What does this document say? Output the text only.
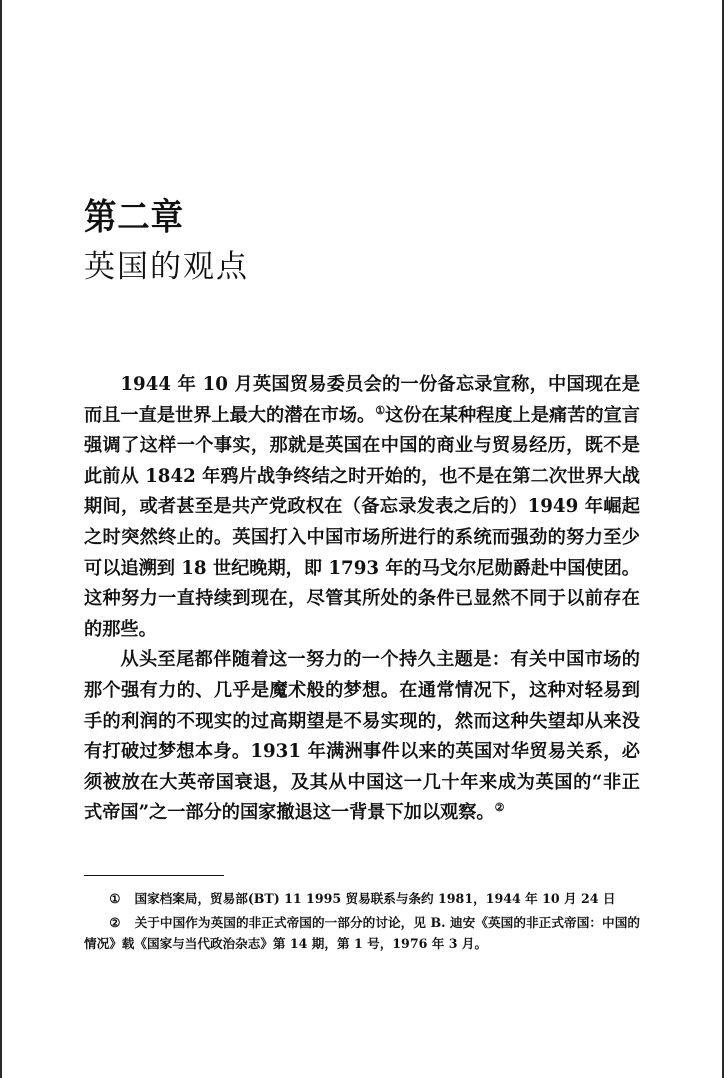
第二章
英国的观点

1944 年 10 月英国贸易委员会的一份备忘录宣称，中国现在是而且一直是世界上最大的潜在市场。①这份在某种程度上是痛苦的宣言强调了这样一个事实，那就是英国在中国的商业与贸易经历，既不是此前从 1842 年鸦片战争终结之时开始的，也不是在第二次世界大战期间，或者甚至是共产党政权在（备忘录发表之后的）1949 年崛起之时突然终止的。英国打入中国市场所进行的系统而强劲的努力至少可以追溯到 18 世纪晚期，即 1793 年的马戈尔尼勋爵赴中国使团。这种努力一直持续到现在，尽管其所处的条件已显然不同于以前存在的那些。

从头至尾都伴随着这一努力的一个持久主题是：有关中国市场的那个强有力的、几乎是魔术般的梦想。在通常情况下，这种对轻易到手的利润的不现实的过高期望是不易实现的，然而这种失望却从来没有打破过梦想本身。1931 年满洲事件以来的英国对华贸易关系，必须被放在大英帝国衰退，及其从中国这一几十年来成为英国的“非正式帝国”之一部分的国家撤退这一背景下加以观察。②

① 国家档案局，贸易部(BT) 11 1995 贸易联系与条约 1981，1944 年 10 月 24 日

② 关于中国作为英国的非正式帝国的一部分的讨论，见 B. 迪安《英国的非正式帝国：中国的情况》载《国家与当代政治杂志》第 14 期，第 1 号，1976 年 3 月。
